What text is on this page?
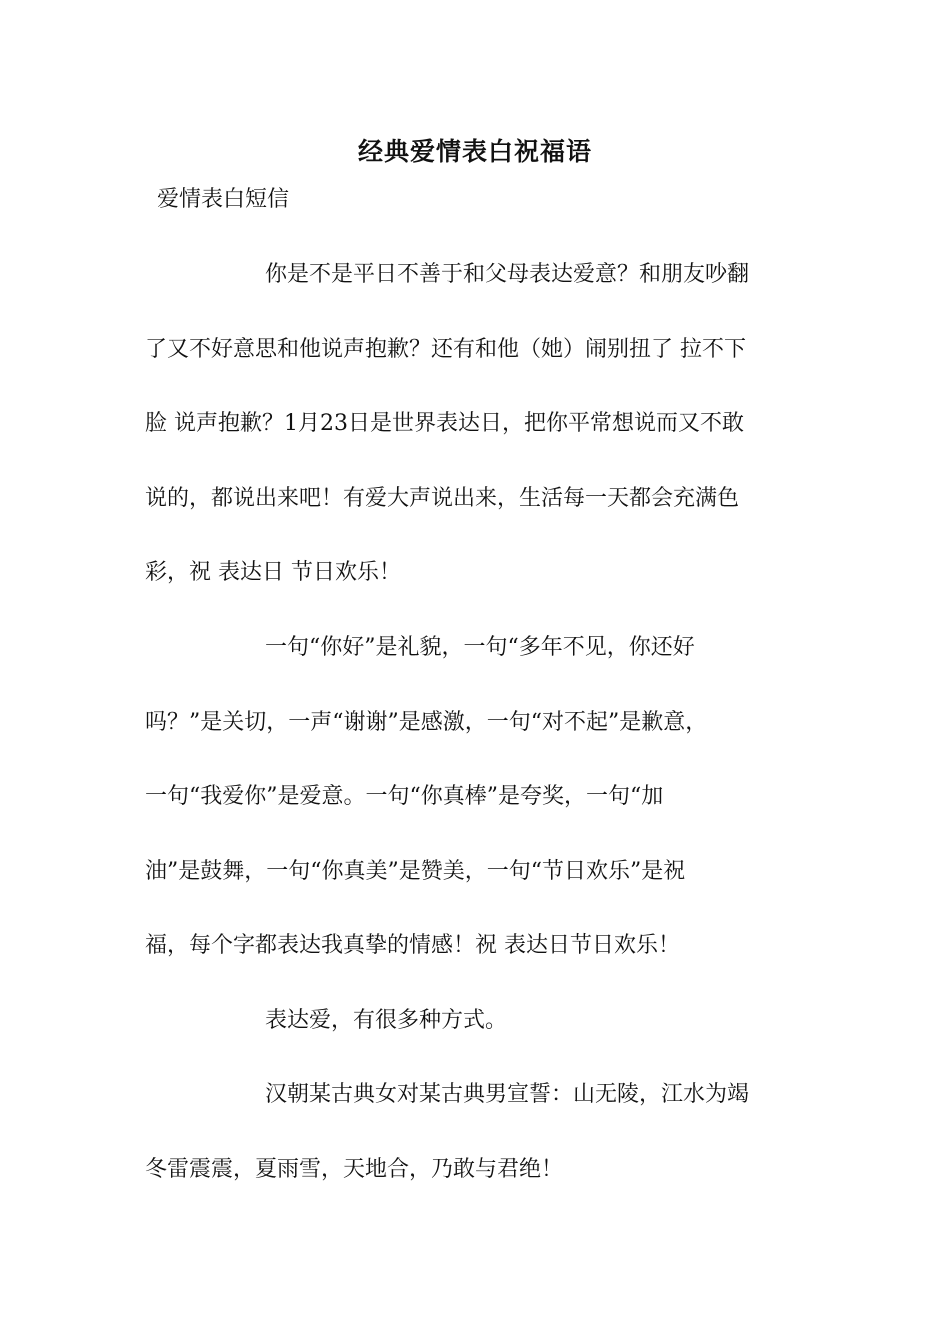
经典爱情表白祝福语

爱情表白短信

你是不是平日不善于和父母表达爱意？和朋友吵翻

了又不好意思和他说声抱歉？还有和他（她）闹别扭了 拉不下

脸 说声抱歉？1月23日是世界表达日，把你平常想说而又不敢

说的，都说出来吧！有爱大声说出来，生活每一天都会充满色

彩，祝 表达日 节日欢乐！

一句“你好”是礼貌，一句“多年不见，你还好

吗？”是关切，一声“谢谢”是感激，一句“对不起”是歉意，

一句“我爱你”是爱意。一句“你真棒”是夸奖，一句“加

油”是鼓舞，一句“你真美”是赞美，一句“节日欢乐”是祝

福，每个字都表达我真挚的情感！祝 表达日节日欢乐！

表达爱，有很多种方式。

汉朝某古典女对某古典男宣誓：山无陵，江水为竭

冬雷震震，夏雨雪，天地合，乃敢与君绝！
